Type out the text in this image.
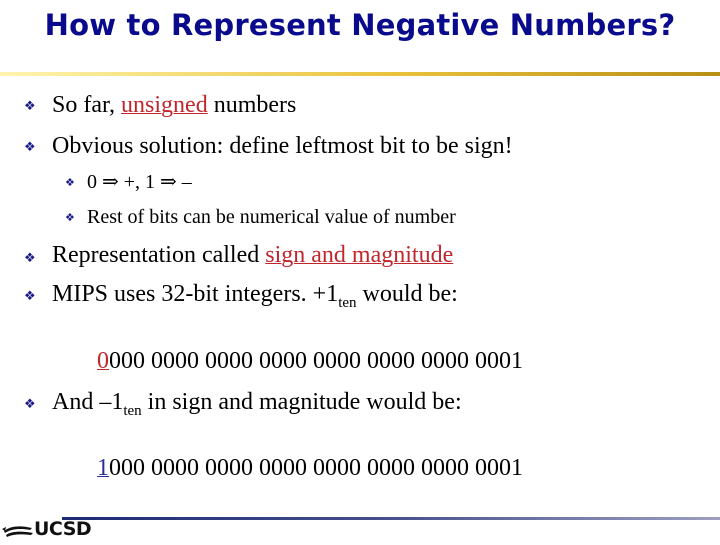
How to Represent Negative Numbers?
❖ So far, unsigned numbers
❖ Obvious solution: define leftmost bit to be sign!
❖ 0 ⇒ +, 1 ⇒ –
❖ Rest of bits can be numerical value of number
❖ Representation called sign and magnitude
❖ MIPS uses 32-bit integers. $+1_{ten}$ would be:
0000 0000 0000 0000 0000 0000 0000 0001
❖ And $-1_{ten}$ in sign and magnitude would be:
1000 0000 0000 0000 0000 0000 0000 0001
UCSD
